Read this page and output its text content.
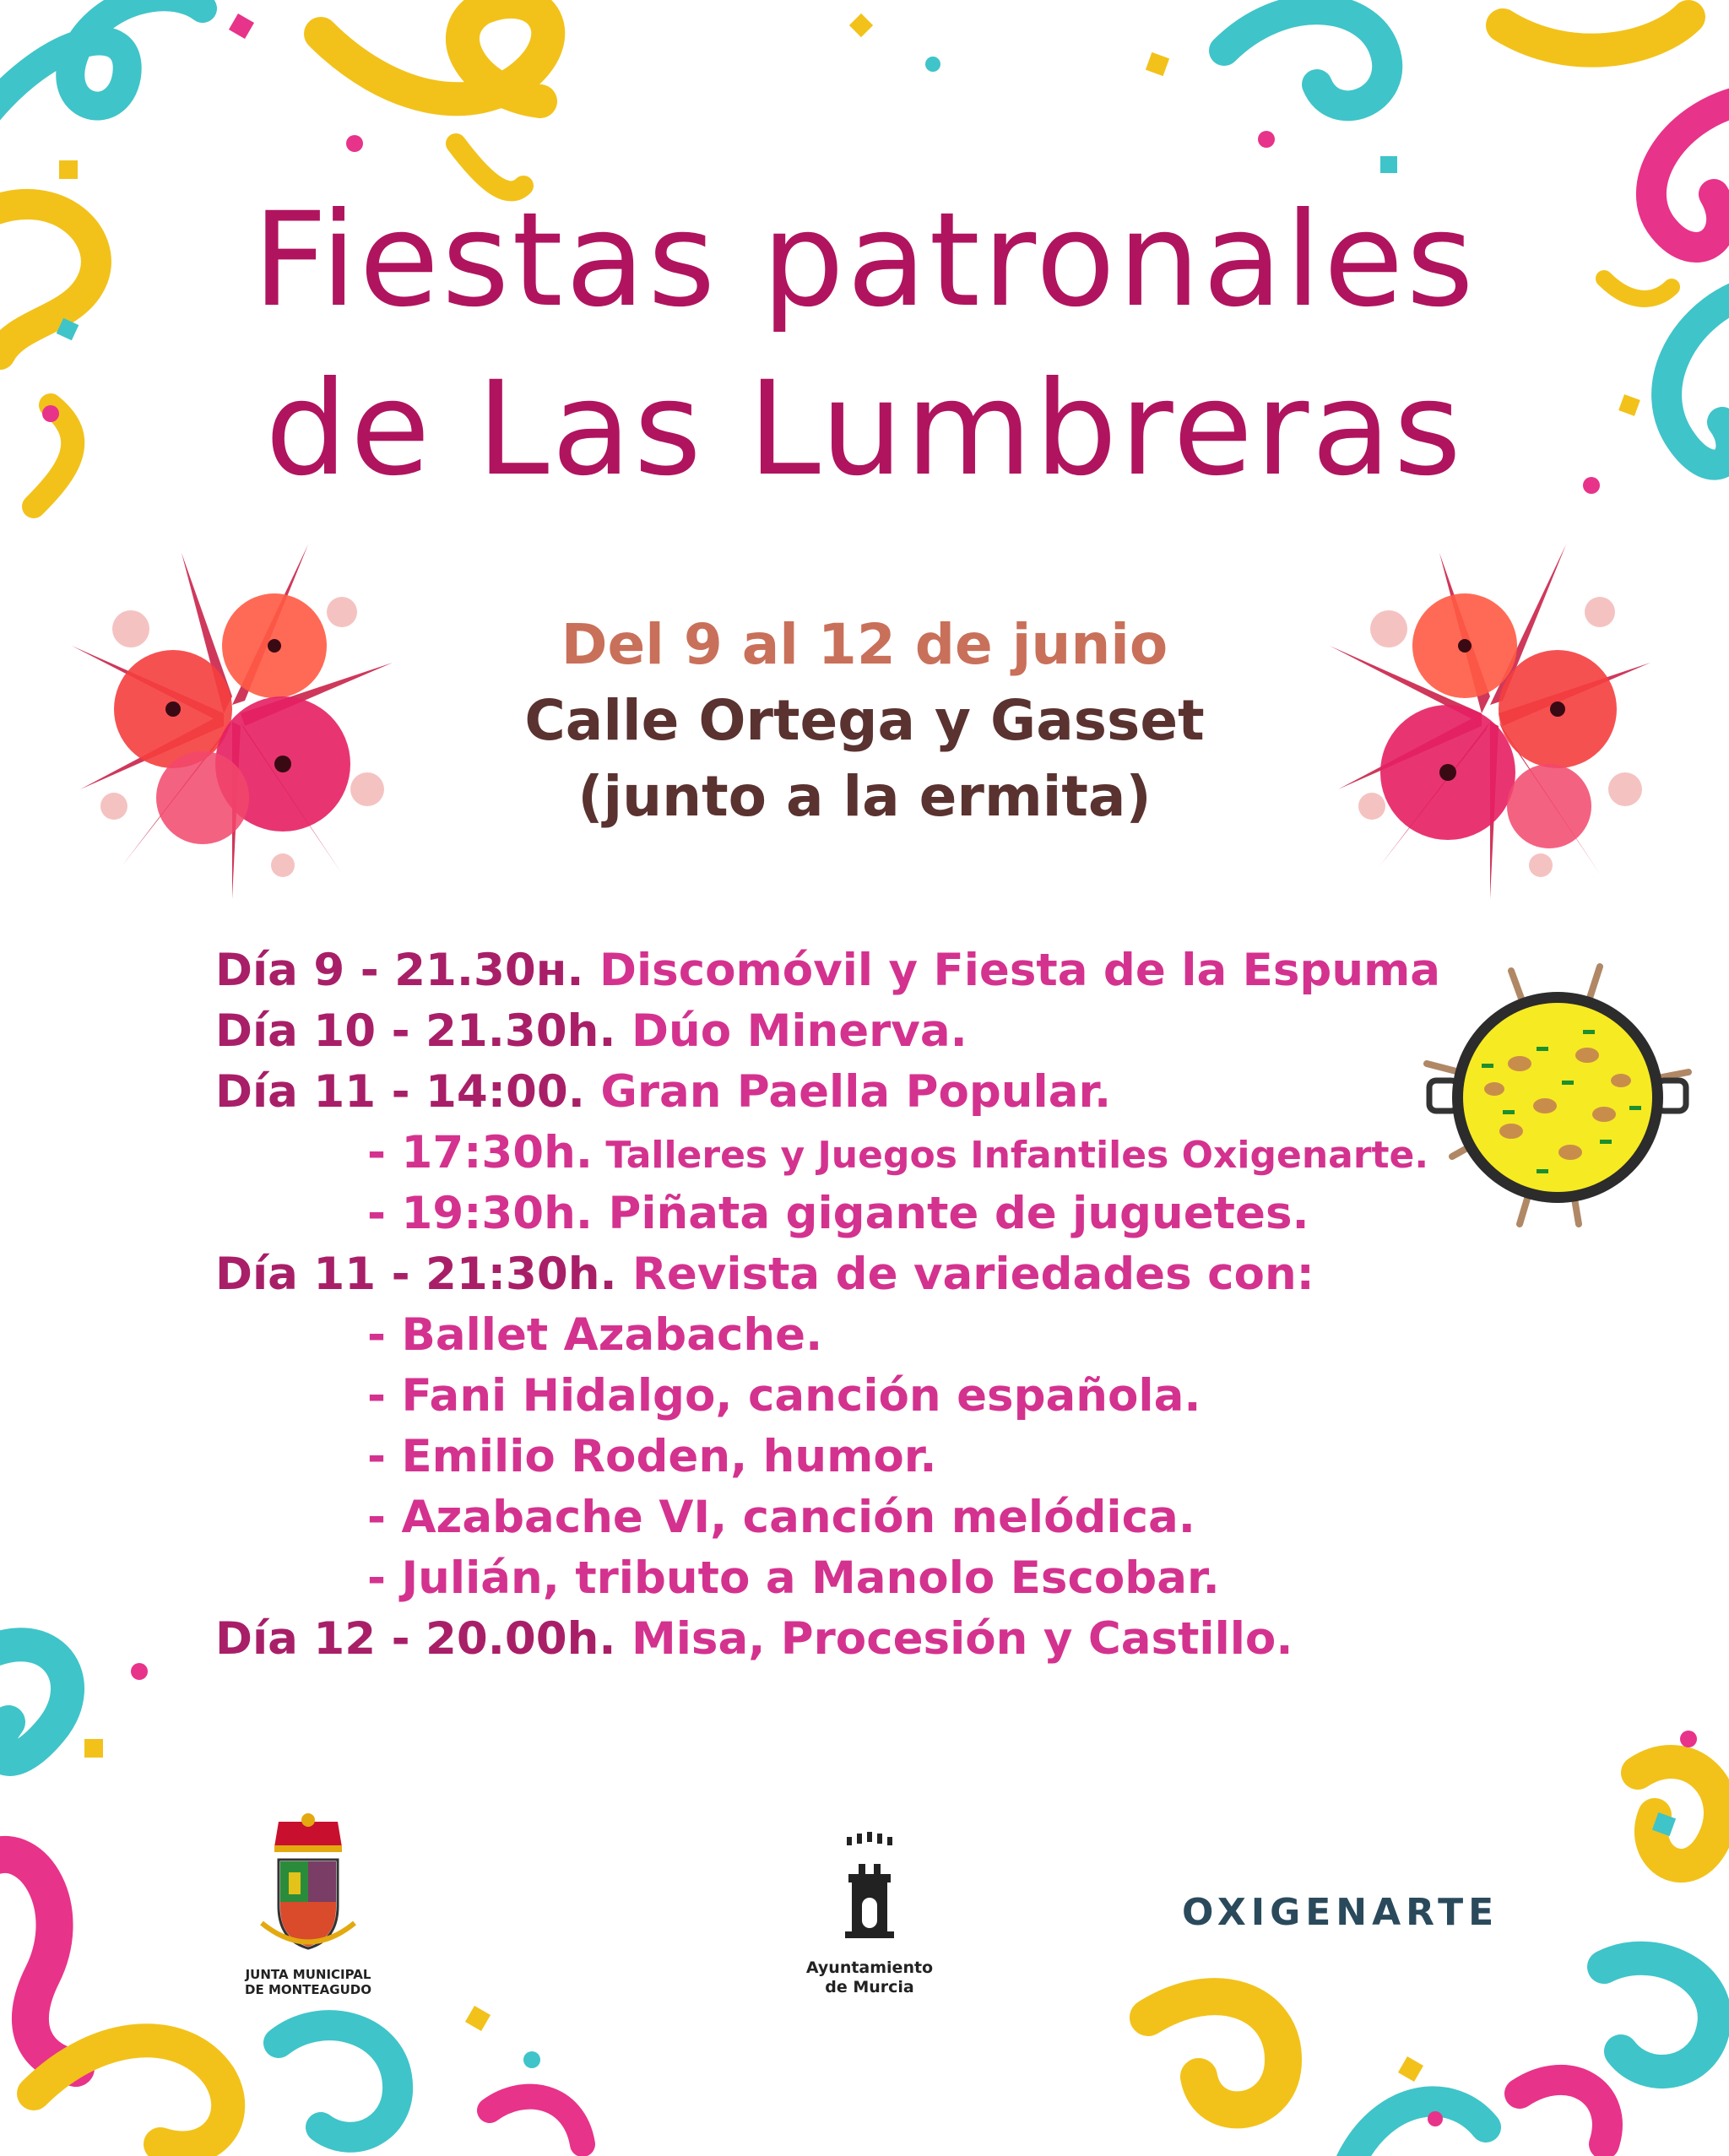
Fiestas patronales
de Las Lumbreras
Del 9 al 12 de junio
Calle Ortega y Gasset
(junto a la ermita)
Día 9 - 21.30ʜ. Discomóvil y Fiesta de la Espuma
Día 10 - 21.30h. Dúo Minerva.
Día 11 - 14:00. Gran Paella Popular.
- 17:30h. Talleres y Juegos Infantiles Oxigenarte.
- 19:30h. Piñata gigante de juguetes.
Día 11 - 21:30h. Revista de variedades con:
- Ballet Azabache.
- Fani Hidalgo, canción española.
- Emilio Roden, humor.
- Azabache VI, canción melódica.
- Julián, tributo a Manolo Escobar.
Día 12 - 20.00h. Misa, Procesión y Castillo.
JUNTA MUNICIPAL
DE MONTEAGUDO
Ayuntamiento
de Murcia
OXIGENARTE
